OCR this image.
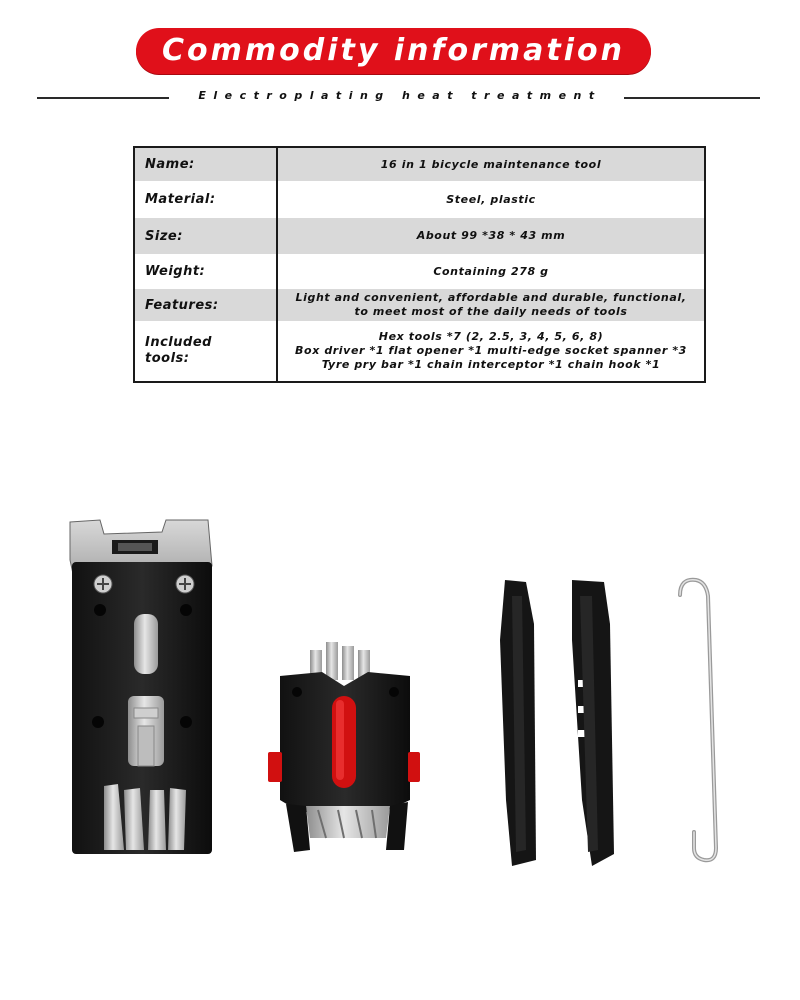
Commodity information
Electroplating heat treatment
Name:	16 in 1 bicycle maintenance tool
Material:	Steel, plastic
Size:	About 99 *38 * 43 mm
Weight:	Containing 278 g
Features:	Light and convenient, affordable and durable, functional,
to meet most of the daily needs of tools
Included tools:
Hex tools *7 (2, 2.5, 3, 4, 5, 6, 8)
Box driver *1 flat opener *1 multi-edge socket spanner *3
Tyre pry bar *1 chain interceptor *1 chain hook *1
